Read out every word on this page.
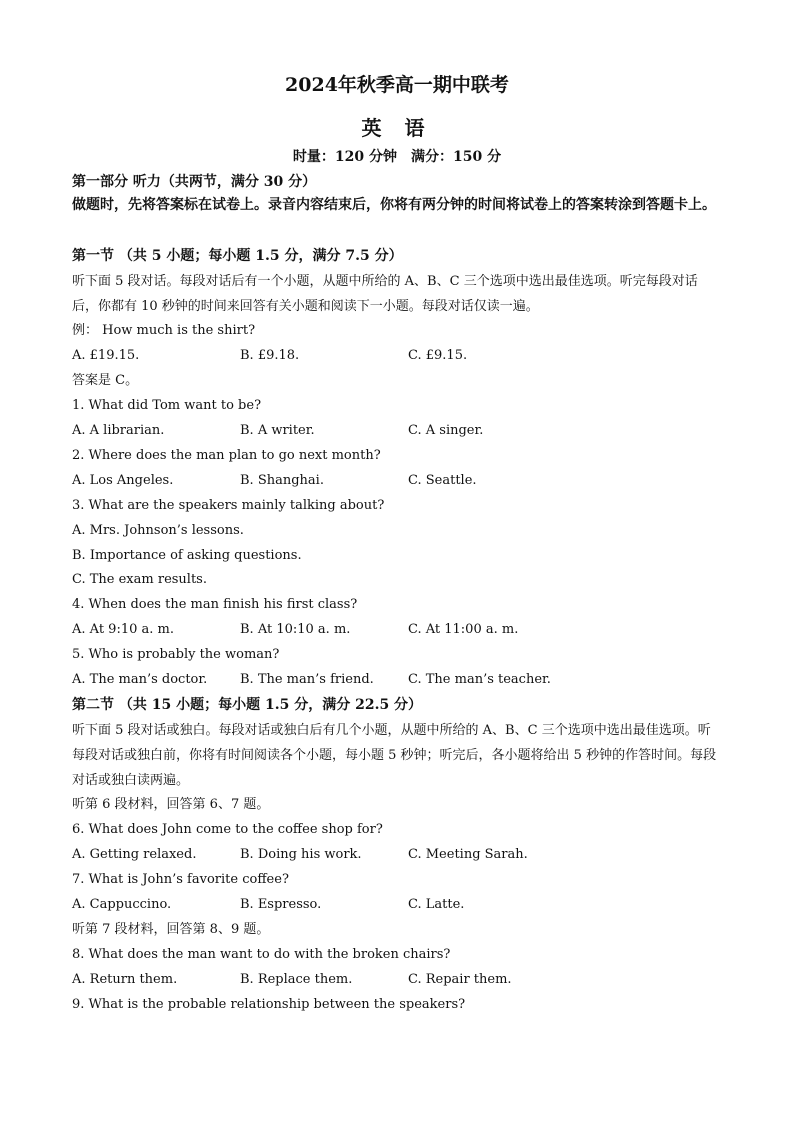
2024年秋季高一期中联考
英 语
时量：120 分钟　满分：150 分
第一部分 听力（共两节，满分 30 分）
做题时，先将答案标在试卷上。录音内容结束后，你将有两分钟的时间将试卷上的答案转涂到答题卡上。
第一节 （共 5 小题；每小题 1.5 分，满分 7.5 分）
听下面 5 段对话。每段对话后有一个小题，从题中所给的 A、B、C 三个选项中选出最佳选项。听完每段对话后，你都有 10 秒钟的时间来回答有关小题和阅读下一小题。每段对话仅读一遍。
例： How much is the shirt?
A. £19.15.	B. £9.18.	C. £9.15.
答案是 C。
1. What did Tom want to be?
A. A librarian.	B. A writer.	C. A singer.
2. Where does the man plan to go next month?
A. Los Angeles.	B. Shanghai.	C. Seattle.
3. What are the speakers mainly talking about?
A. Mrs. Johnson’s lessons.
B. Importance of asking questions.
C. The exam results.
4. When does the man finish his first class?
A. At 9:10 a. m.	B. At 10:10 a. m.	C. At 11:00 a. m.
5. Who is probably the woman?
A. The man’s doctor.	B. The man’s friend.	C. The man’s teacher.
第二节 （共 15 小题；每小题 1.5 分，满分 22.5 分）
听下面 5 段对话或独白。每段对话或独白后有几个小题，从题中所给的 A、B、C 三个选项中选出最佳选项。听每段对话或独白前，你将有时间阅读各个小题，每小题 5 秒钟；听完后，各小题将给出 5 秒钟的作答时间。每段对话或独白读两遍。
听第 6 段材料，回答第 6、7 题。
6. What does John come to the coffee shop for?
A. Getting relaxed.	B. Doing his work.	C. Meeting Sarah.
7. What is John’s favorite coffee?
A. Cappuccino.	B. Espresso.	C. Latte.
听第 7 段材料，回答第 8、9 题。
8. What does the man want to do with the broken chairs?
A. Return them.	B. Replace them.	C. Repair them.
9. What is the probable relationship between the speakers?
